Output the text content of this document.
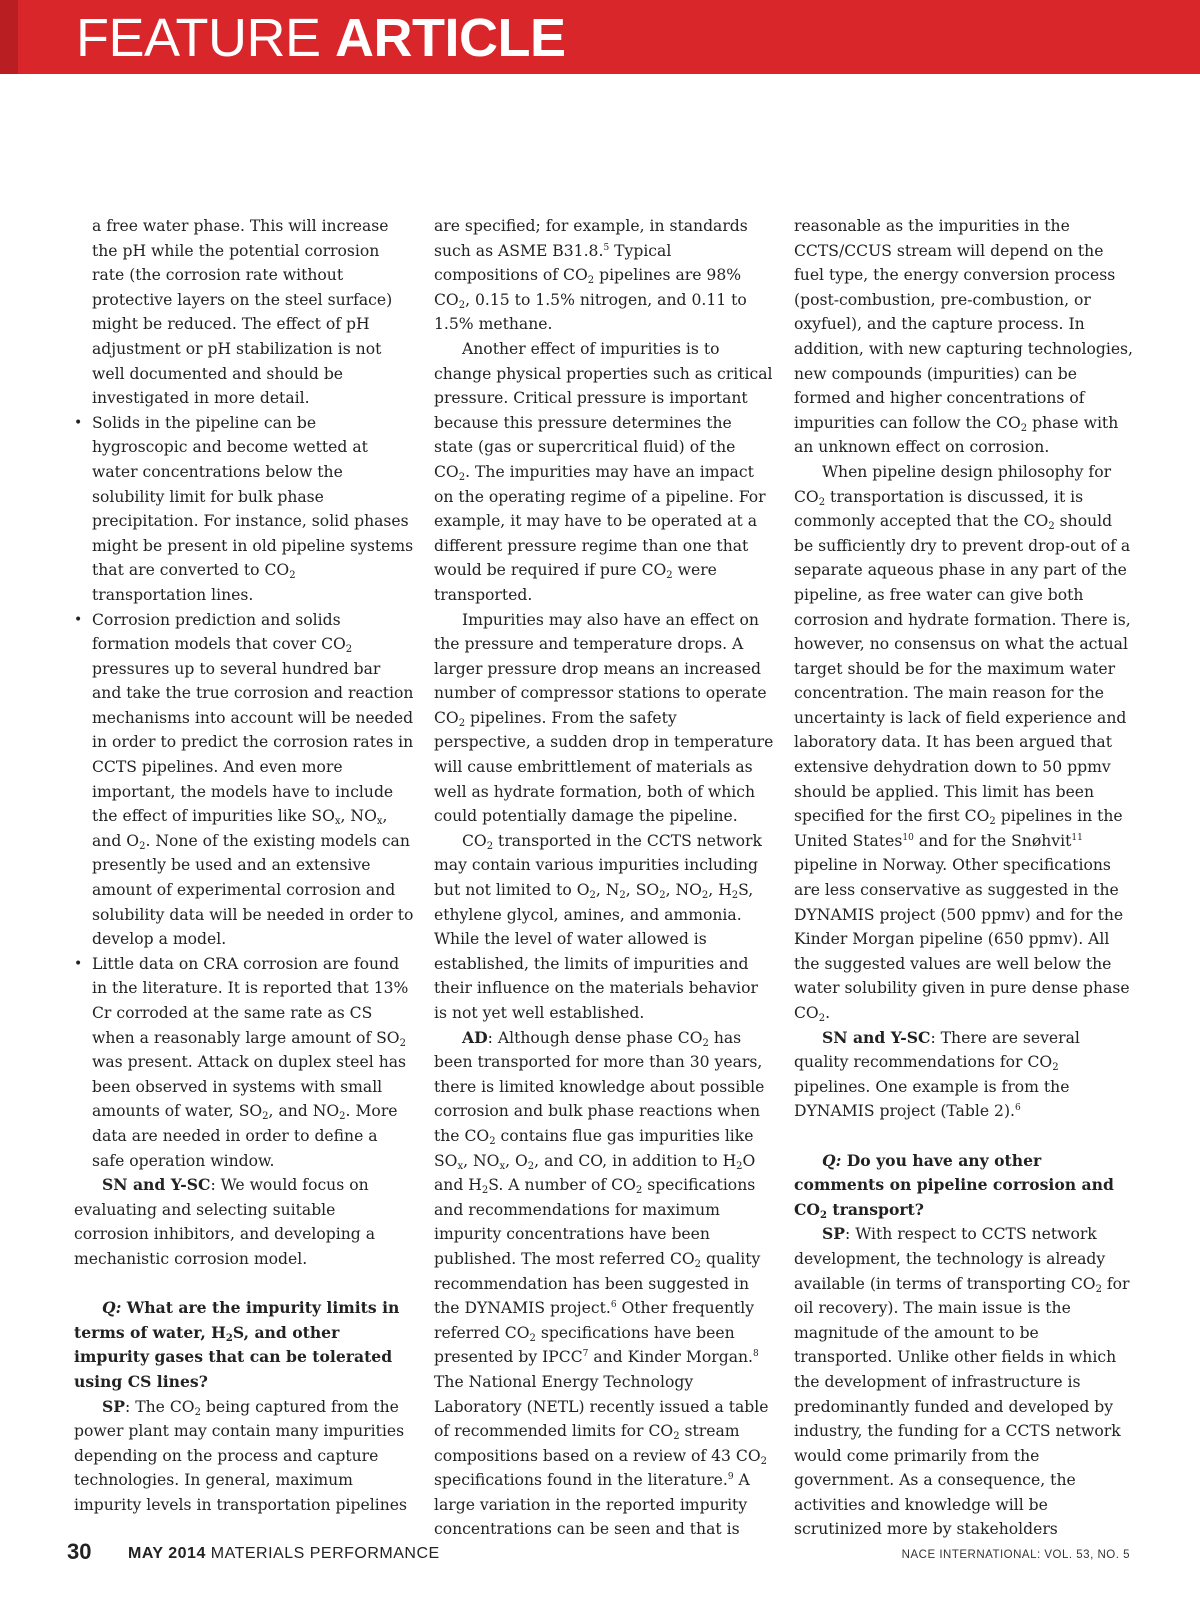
FEATURE ARTICLE

a free water phase. This will increase the pH while the potential corrosion rate (the corrosion rate without protective layers on the steel surface) might be reduced. The effect of pH adjustment or pH stabilization is not well documented and should be investigated in more detail.

• Solids in the pipeline can be hygroscopic and become wetted at water concentrations below the solubility limit for bulk phase precipitation. For instance, solid phases might be present in old pipeline systems that are converted to $CO_2$ transportation lines.

• Corrosion prediction and solids formation models that cover $CO_2$ pressures up to several hundred bar and take the true corrosion and reaction mechanisms into account will be needed in order to predict the corrosion rates in CCTS pipelines. And even more important, the models have to include the effect of impurities like $SO_x$, $NO_x$, and $O_2$. None of the existing models can presently be used and an extensive amount of experimental corrosion and solubility data will be needed in order to develop a model.

• Little data on CRA corrosion are found in the literature. It is reported that 13% Cr corroded at the same rate as CS when a reasonably large amount of $SO_2$ was present. Attack on duplex steel has been observed in systems with small amounts of water, $SO_2$, and $NO_2$. More data are needed in order to define a safe operation window.

SN and Y-SC: We would focus on evaluating and selecting suitable corrosion inhibitors, and developing a mechanistic corrosion model.

Q: What are the impurity limits in terms of water, $H_2S$, and other impurity gases that can be tolerated using CS lines?

SP: The $CO_2$ being captured from the power plant may contain many impurities depending on the process and capture technologies. In general, maximum impurity levels in transportation pipelines

are specified; for example, in standards such as ASME B31.8.$^5$ Typical compositions of $CO_2$ pipelines are 98% $CO_2$, 0.15 to 1.5% nitrogen, and 0.11 to 1.5% methane.

Another effect of impurities is to change physical properties such as critical pressure. Critical pressure is important because this pressure determines the state (gas or supercritical fluid) of the $CO_2$. The impurities may have an impact on the operating regime of a pipeline. For example, it may have to be operated at a different pressure regime than one that would be required if pure $CO_2$ were transported.

Impurities may also have an effect on the pressure and temperature drops. A larger pressure drop means an increased number of compressor stations to operate $CO_2$ pipelines. From the safety perspective, a sudden drop in temperature will cause embrittlement of materials as well as hydrate formation, both of which could potentially damage the pipeline.

$CO_2$ transported in the CCTS network may contain various impurities including but not limited to $O_2$, $N_2$, $SO_2$, $NO_2$, $H_2S$, ethylene glycol, amines, and ammonia. While the level of water allowed is established, the limits of impurities and their influence on the materials behavior is not yet well established.

AD: Although dense phase $CO_2$ has been transported for more than 30 years, there is limited knowledge about possible corrosion and bulk phase reactions when the $CO_2$ contains flue gas impurities like $SO_x$, $NO_x$, $O_2$, and CO, in addition to $H_2O$ and $H_2S$. A number of $CO_2$ specifications and recommendations for maximum impurity concentrations have been published. The most referred $CO_2$ quality recommendation has been suggested in the DYNAMIS project.$^6$ Other frequently referred $CO_2$ specifications have been presented by IPCC$^7$ and Kinder Morgan.$^8$ The National Energy Technology Laboratory (NETL) recently issued a table of recommended limits for $CO_2$ stream compositions based on a review of 43 $CO_2$ specifications found in the literature.$^9$ A large variation in the reported impurity concentrations can be seen and that is

reasonable as the impurities in the CCTS/CCUS stream will depend on the fuel type, the energy conversion process (post-combustion, pre-combustion, or oxyfuel), and the capture process. In addition, with new capturing technologies, new compounds (impurities) can be formed and higher concentrations of impurities can follow the $CO_2$ phase with an unknown effect on corrosion.

When pipeline design philosophy for $CO_2$ transportation is discussed, it is commonly accepted that the $CO_2$ should be sufficiently dry to prevent drop-out of a separate aqueous phase in any part of the pipeline, as free water can give both corrosion and hydrate formation. There is, however, no consensus on what the actual target should be for the maximum water concentration. The main reason for the uncertainty is lack of field experience and laboratory data. It has been argued that extensive dehydration down to 50 ppmv should be applied. This limit has been specified for the first $CO_2$ pipelines in the United States$^{10}$ and for the Snøhvit$^{11}$ pipeline in Norway. Other specifications are less conservative as suggested in the DYNAMIS project (500 ppmv) and for the Kinder Morgan pipeline (650 ppmv). All the suggested values are well below the water solubility given in pure dense phase $CO_2$.

SN and Y-SC: There are several quality recommendations for $CO_2$ pipelines. One example is from the DYNAMIS project (Table 2).$^6$

Q: Do you have any other comments on pipeline corrosion and $CO_2$ transport?

SP: With respect to CCTS network development, the technology is already available (in terms of transporting $CO_2$ for oil recovery). The main issue is the magnitude of the amount to be transported. Unlike other fields in which the development of infrastructure is predominantly funded and developed by industry, the funding for a CCTS network would come primarily from the government. As a consequence, the activities and knowledge will be scrutinized more by stakeholders

30 MAY 2014 MATERIALS PERFORMANCE	NACE INTERNATIONAL: VOL. 53, NO. 5
